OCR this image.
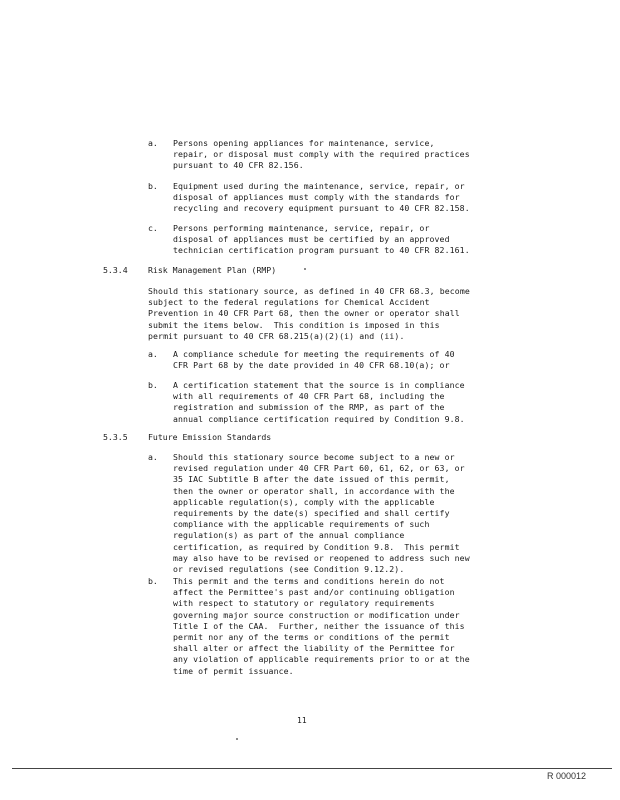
a. Persons opening appliances for maintenance, service,
repair, or disposal must comply with the required practices
pursuant to 40 CFR 82.156.
b. Equipment used during the maintenance, service, repair, or
disposal of appliances must comply with the standards for
recycling and recovery equipment pursuant to 40 CFR 82.158.
c. Persons performing maintenance, service, repair, or
disposal of appliances must be certified by an approved
technician certification program pursuant to 40 CFR 82.161.
5.3.4 Risk Management Plan (RMP)
Should this stationary source, as defined in 40 CFR 68.3, become
subject to the federal regulations for Chemical Accident
Prevention in 40 CFR Part 68, then the owner or operator shall
submit the items below.  This condition is imposed in this
permit pursuant to 40 CFR 68.215(a)(2)(i) and (ii).
a. A compliance schedule for meeting the requirements of 40
CFR Part 68 by the date provided in 40 CFR 68.10(a); or
b. A certification statement that the source is in compliance
with all requirements of 40 CFR Part 68, including the
registration and submission of the RMP, as part of the
annual compliance certification required by Condition 9.8.
5.3.5 Future Emission Standards
a. Should this stationary source become subject to a new or
revised regulation under 40 CFR Part 60, 61, 62, or 63, or
35 IAC Subtitle B after the date issued of this permit,
then the owner or operator shall, in accordance with the
applicable regulation(s), comply with the applicable
requirements by the date(s) specified and shall certify
compliance with the applicable requirements of such
regulation(s) as part of the annual compliance
certification, as required by Condition 9.8.  This permit
may also have to be revised or reopened to address such new
or revised regulations (see Condition 9.12.2).
b. This permit and the terms and conditions herein do not
affect the Permittee's past and/or continuing obligation
with respect to statutory or regulatory requirements
governing major source construction or modification under
Title I of the CAA.  Further, neither the issuance of this
permit nor any of the terms or conditions of the permit
shall alter or affect the liability of the Permittee for
any violation of applicable requirements prior to or at the
time of permit issuance.
11
R 000012
